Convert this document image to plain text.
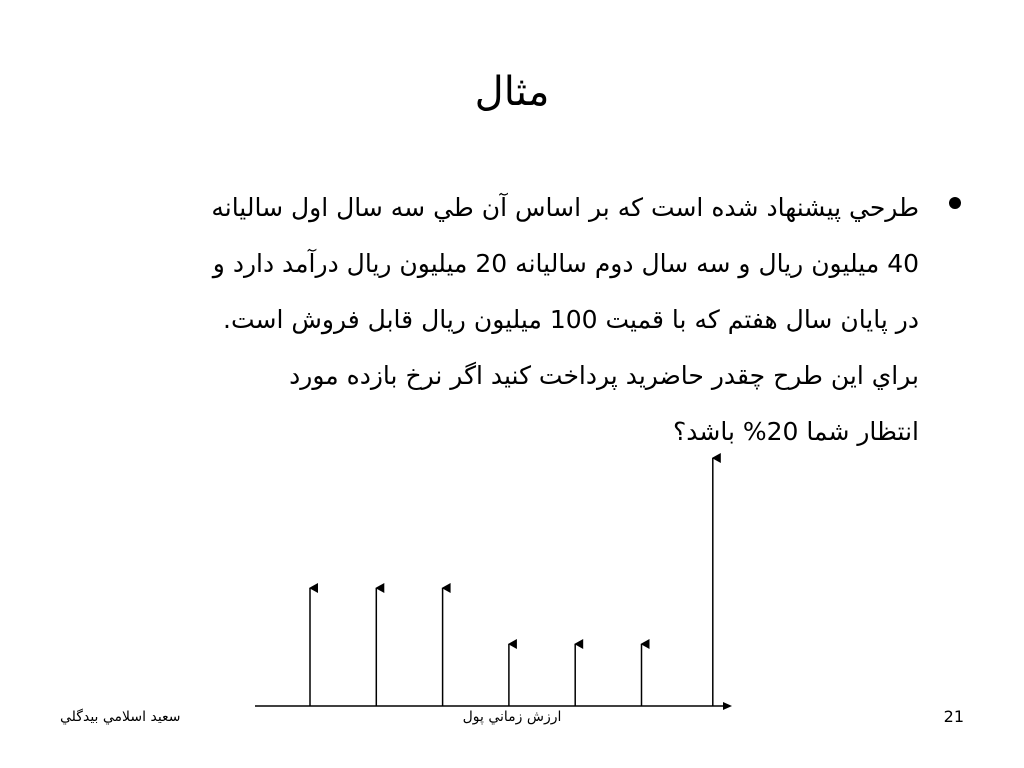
مثال
طرحي پيشنهاد شده است که بر اساس آن طي سه سال اول ساليانه
40 ميليون ريال و سه سال دوم ساليانه 20 ميليون ريال درآمد دارد و
در پايان سال هفتم که با قميت 100 ميليون ريال قابل فروش است.
براي اين طرح چقدر حاضريد پرداخت کنيد اگر نرخ بازده مورد
انتظار شما 20% باشد؟
سعيد اسلامي بيدگلي	ارزش زماني پول	21
